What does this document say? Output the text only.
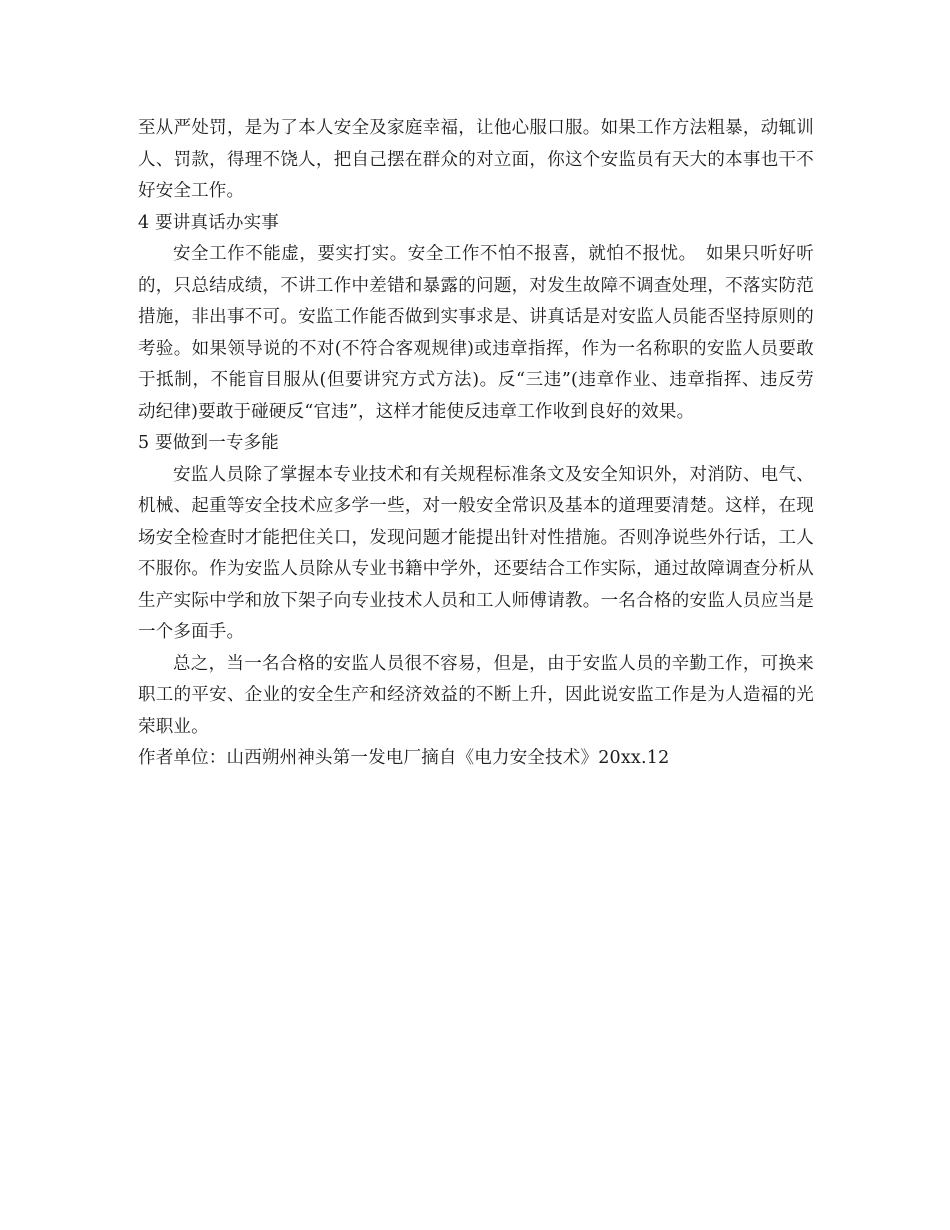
至从严处罚，是为了本人安全及家庭幸福，让他心服口服。如果工作方法粗暴，动辄训人、罚款，得理不饶人，把自己摆在群众的对立面，你这个安监员有天大的本事也干不好安全工作。

4 要讲真话办实事

安全工作不能虚，要实打实。安全工作不怕不报喜，就怕不报忧。　如果只听好听的，只总结成绩，不讲工作中差错和暴露的问题，对发生故障不调查处理，不落实防范措施，非出事不可。安监工作能否做到实事求是、讲真话是对安监人员能否坚持原则的考验。如果领导说的不对(不符合客观规律)或违章指挥，作为一名称职的安监人员要敢于抵制，不能盲目服从(但要讲究方式方法)。反“三违”(违章作业、违章指挥、违反劳动纪律)要敢于碰硬反“官违”，这样才能使反违章工作收到良好的效果。

5 要做到一专多能

安监人员除了掌握本专业技术和有关规程标准条文及安全知识外，对消防、电气、机械、起重等安全技术应多学一些，对一般安全常识及基本的道理要清楚。这样，在现场安全检查时才能把住关口，发现问题才能提出针对性措施。否则净说些外行话，工人不服你。作为安监人员除从专业书籍中学外，还要结合工作实际，通过故障调查分析从生产实际中学和放下架子向专业技术人员和工人师傅请教。一名合格的安监人员应当是一个多面手。

总之，当一名合格的安监人员很不容易，但是，由于安监人员的辛勤工作，可换来职工的平安、企业的安全生产和经济效益的不断上升，因此说安监工作是为人造福的光荣职业。

作者单位：山西朔州神头第一发电厂摘自《电力安全技术》20xx.12
